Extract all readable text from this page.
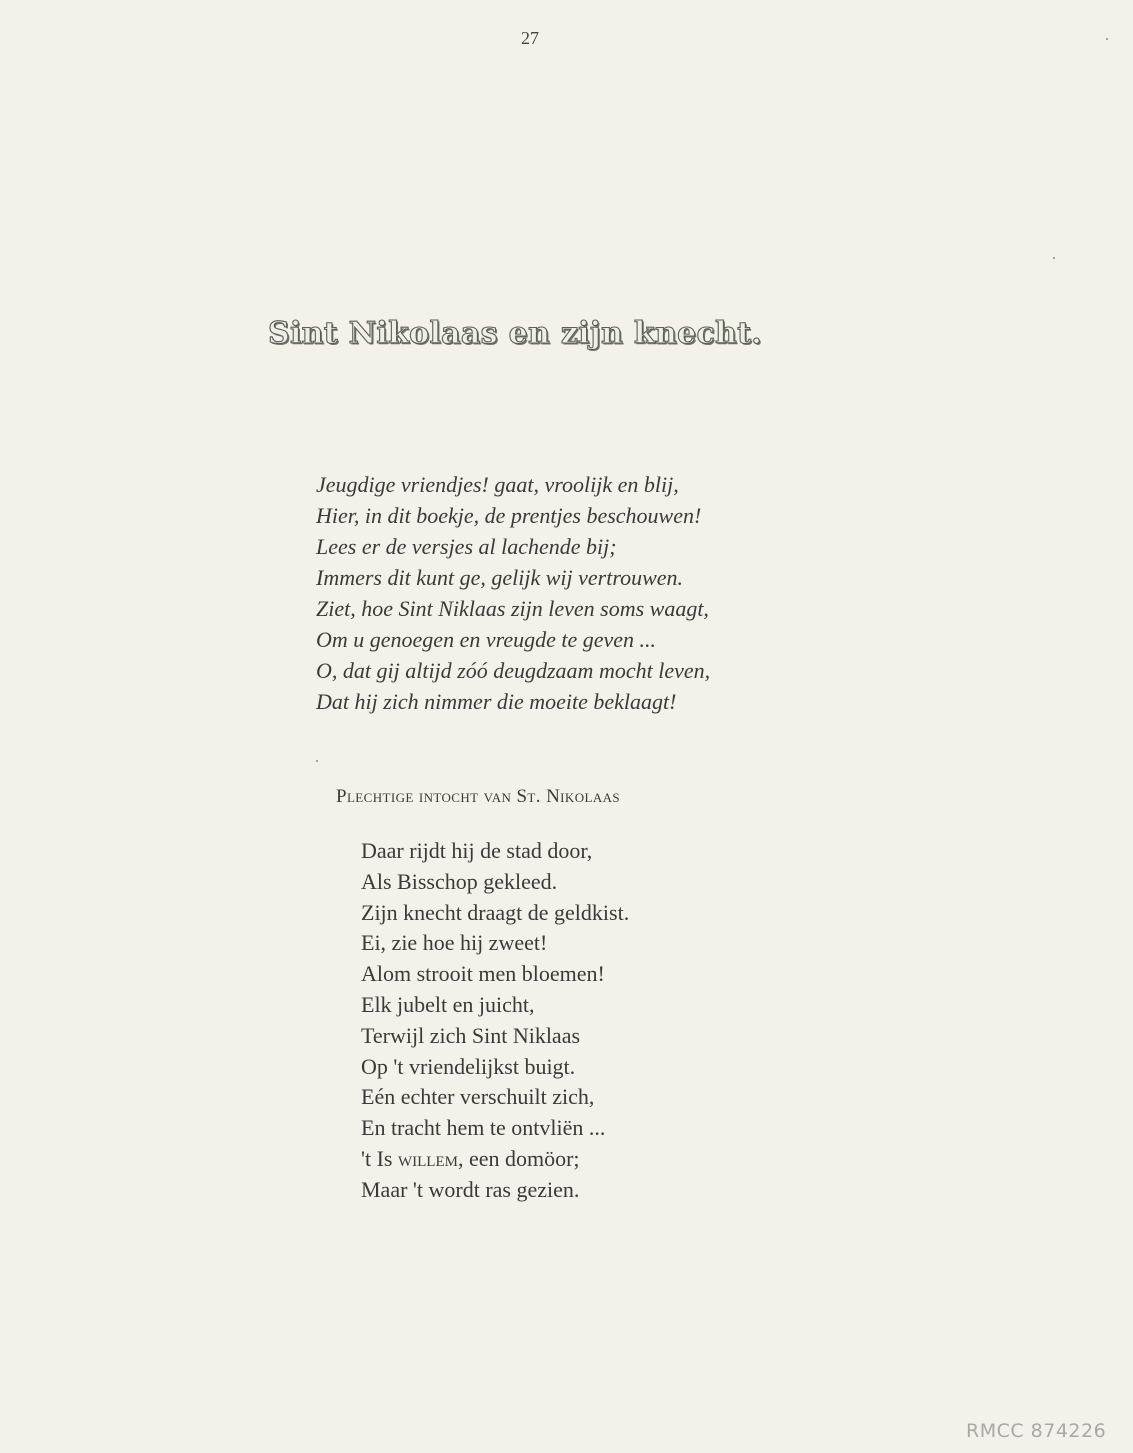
27
Sint Nikolaas en zijn knecht.
Jeugdige vriendjes! gaat, vroolijk en blij,
Hier, in dit boekje, de prentjes beschouwen!
Lees er de versjes al lachende bij;
Immers dit kunt ge, gelijk wij vertrouwen.
Ziet, hoe Sint Niklaas zijn leven soms waagt,
Om u genoegen en vreugde te geven ...
O, dat gij altijd zóó deugdzaam mocht leven,
Dat hij zich nimmer die moeite beklaagt!
Plechtige intocht van St. Nikolaas
Daar rijdt hij de stad door,
Als Bisschop gekleed.
Zijn knecht draagt de geldkist.
Ei, zie hoe hij zweet!
Alom strooit men bloemen!
Elk jubelt en juicht,
Terwijl zich Sint Niklaas
Op 't vriendelijkst buigt.
Eén echter verschuilt zich,
En tracht hem te ontvliën ...
't Is willem, een domöor;
Maar 't wordt ras gezien.
RMCC 874226
